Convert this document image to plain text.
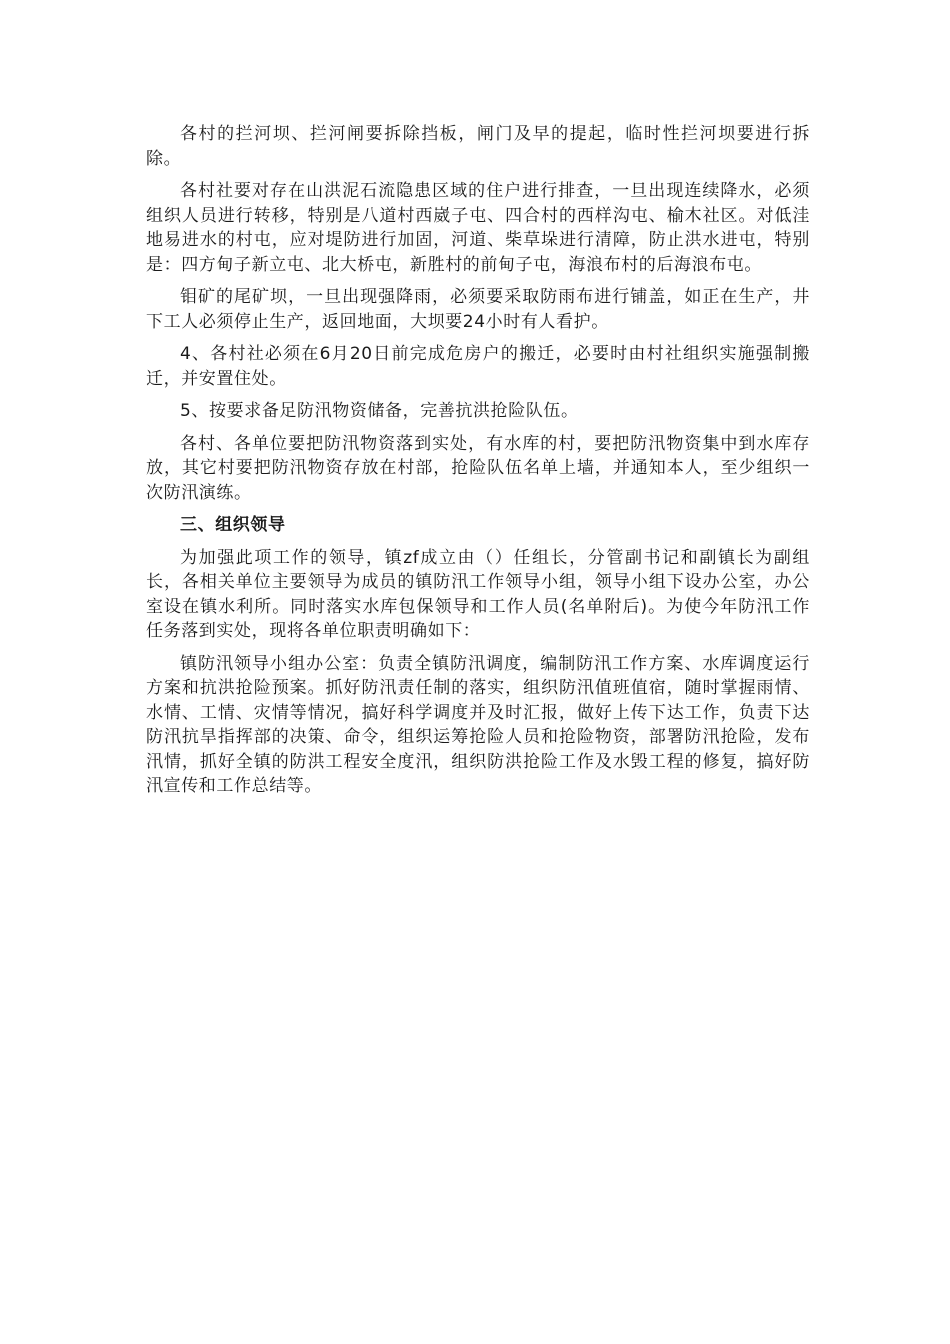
各村的拦河坝、拦河闸要拆除挡板，闸门及早的提起，临时性拦河坝要进行拆除。

各村社要对存在山洪泥石流隐患区域的住户进行排查，一旦出现连续降水，必须组织人员进行转移，特别是八道村西崴子屯、四合村的西样沟屯、榆木社区。对低洼地易进水的村屯，应对堤防进行加固，河道、柴草垛进行清障，防止洪水进屯，特别是：四方甸子新立屯、北大桥屯，新胜村的前甸子屯，海浪布村的后海浪布屯。

钼矿的尾矿坝，一旦出现强降雨，必须要采取防雨布进行铺盖，如正在生产，井下工人必须停止生产，返回地面，大坝要24小时有人看护。

4、各村社必须在6月20日前完成危房户的搬迁，必要时由村社组织实施强制搬迁，并安置住处。

5、按要求备足防汛物资储备，完善抗洪抢险队伍。

各村、各单位要把防汛物资落到实处，有水库的村，要把防汛物资集中到水库存放，其它村要把防汛物资存放在村部，抢险队伍名单上墙，并通知本人，至少组织一次防汛演练。

三、组织领导

为加强此项工作的领导，镇zf成立由（）任组长，分管副书记和副镇长为副组长，各相关单位主要领导为成员的镇防汛工作领导小组，领导小组下设办公室，办公室设在镇水利所。同时落实水库包保领导和工作人员(名单附后)。为使今年防汛工作任务落到实处，现将各单位职责明确如下：

镇防汛领导小组办公室：负责全镇防汛调度，编制防汛工作方案、水库调度运行方案和抗洪抢险预案。抓好防汛责任制的落实，组织防汛值班值宿，随时掌握雨情、水情、工情、灾情等情况，搞好科学调度并及时汇报，做好上传下达工作，负责下达防汛抗旱指挥部的决策、命令，组织运筹抢险人员和抢险物资，部署防汛抢险，发布汛情，抓好全镇的防洪工程安全度汛，组织防洪抢险工作及水毁工程的修复，搞好防汛宣传和工作总结等。
